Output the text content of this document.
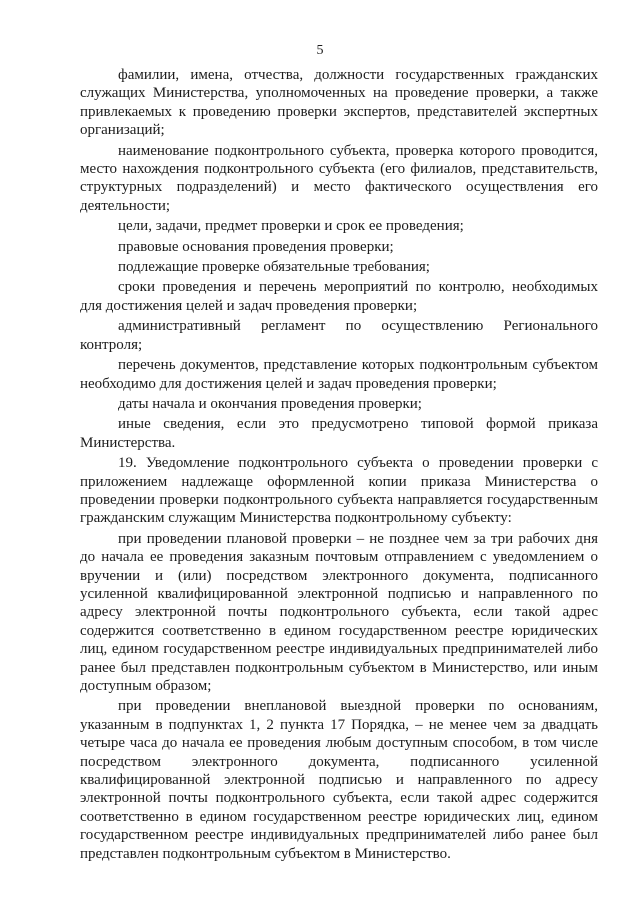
5

фамилии, имена, отчества, должности государственных гражданских служащих Министерства, уполномоченных на проведение проверки, а также привлекаемых к проведению проверки экспертов, представителей экспертных организаций;

наименование подконтрольного субъекта, проверка которого проводится, место нахождения подконтрольного субъекта (его филиалов, представительств, структурных подразделений) и место фактического осуществления его деятельности;

цели, задачи, предмет проверки и срок ее проведения;

правовые основания проведения проверки;

подлежащие проверке обязательные требования;

сроки проведения и перечень мероприятий по контролю, необходимых для достижения целей и задач проведения проверки;

административный регламент по осуществлению Регионального контроля;

перечень документов, представление которых подконтрольным субъектом необходимо для достижения целей и задач проведения проверки;

даты начала и окончания проведения проверки;

иные сведения, если это предусмотрено типовой формой приказа Министерства.

19. Уведомление подконтрольного субъекта о проведении проверки с приложением надлежаще оформленной копии приказа Министерства о проведении проверки подконтрольного субъекта направляется государственным гражданским служащим Министерства подконтрольному субъекту:

при проведении плановой проверки – не позднее чем за три рабочих дня до начала ее проведения заказным почтовым отправлением с уведомлением о вручении и (или) посредством электронного документа, подписанного усиленной квалифицированной электронной подписью и направленного по адресу электронной почты подконтрольного субъекта, если такой адрес содержится соответственно в едином государственном реестре юридических лиц, едином государственном реестре индивидуальных предпринимателей либо ранее был представлен подконтрольным субъектом в Министерство, или иным доступным образом;

при проведении внеплановой выездной проверки по основаниям, указанным в подпунктах 1, 2 пункта 17 Порядка, – не менее чем за двадцать четыре часа до начала ее проведения любым доступным способом, в том числе посредством электронного документа, подписанного усиленной квалифицированной электронной подписью и направленного по адресу электронной почты подконтрольного субъекта, если такой адрес содержится соответственно в едином государственном реестре юридических лиц, едином государственном реестре индивидуальных предпринимателей либо ранее был представлен подконтрольным субъектом в Министерство.
